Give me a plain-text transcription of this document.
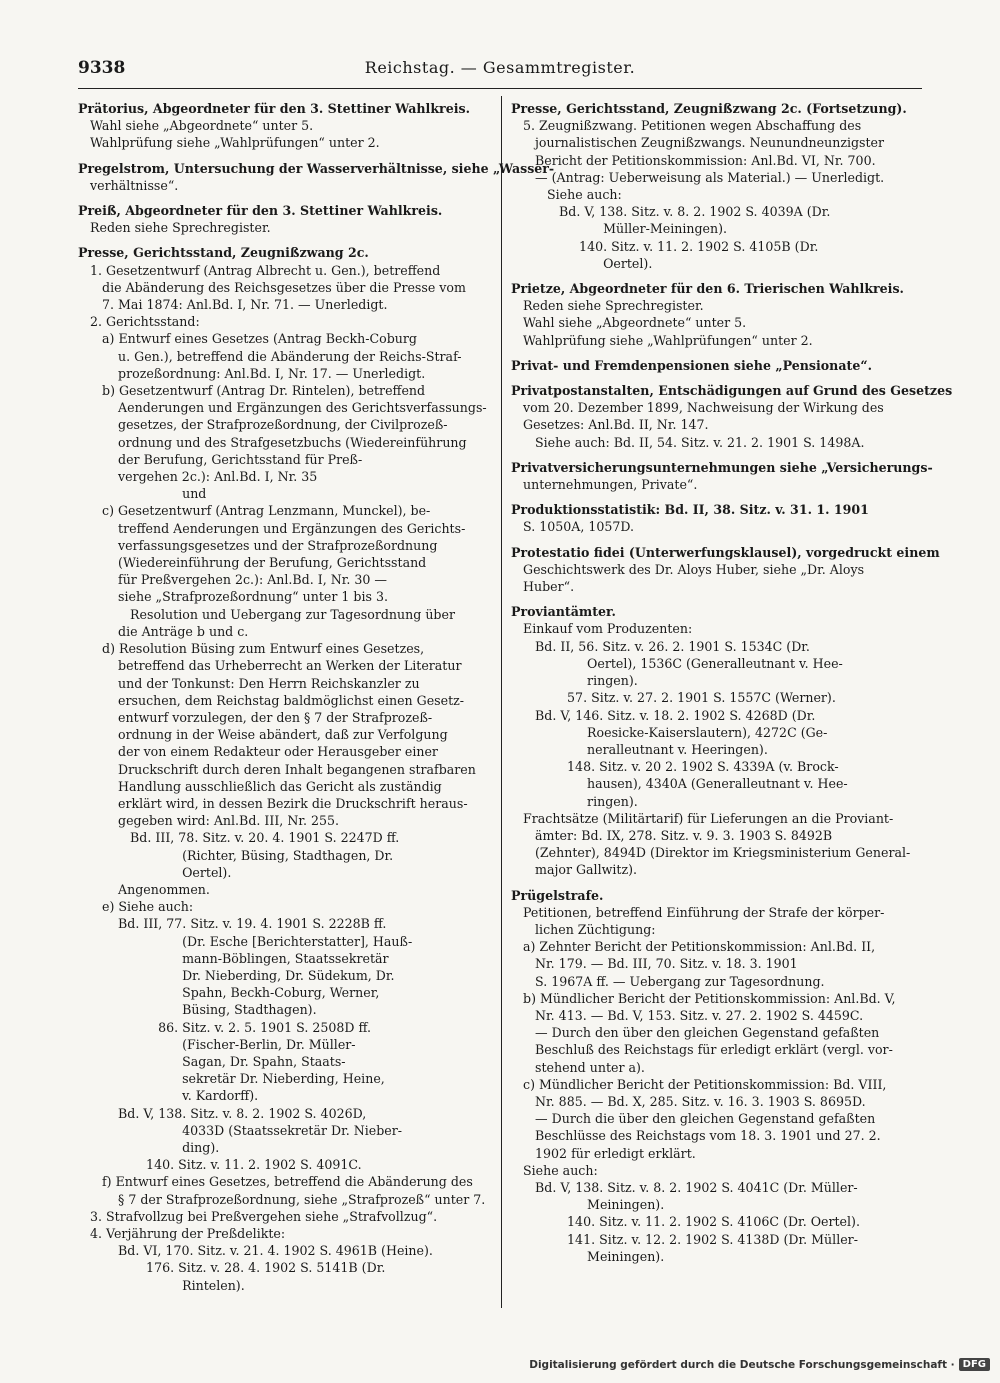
9338	Reichstag. — Gesammtregister.
Prätorius, Abgeordneter für den 3. Stettiner Wahlkreis.
Wahl siehe „Abgeordnete“ unter 5.
Wahlprüfung siehe „Wahlprüfungen“ unter 2.
Pregelstrom, Untersuchung der Wasserverhältnisse, siehe „Wasser-
verhältnisse“.
Preiß, Abgeordneter für den 3. Stettiner Wahlkreis.
Reden siehe Sprechregister.
Presse, Gerichtsstand, Zeugnißzwang 2c.
1. Gesetzentwurf (Antrag Albrecht u. Gen.), betreffend
die Abänderung des Reichsgesetzes über die Presse vom
7. Mai 1874: Anl.Bd. I, Nr. 71. — Unerledigt.
2. Gerichtsstand:
a) Entwurf eines Gesetzes (Antrag Beckh-Coburg
u. Gen.), betreffend die Abänderung der Reichs-Straf-
prozeßordnung: Anl.Bd. I, Nr. 17. — Unerledigt.
b) Gesetzentwurf (Antrag Dr. Rintelen), betreffend
Aenderungen und Ergänzungen des Gerichtsverfassungs-
gesetzes, der Strafprozeßordnung, der Civilprozeß-
ordnung und des Strafgesetzbuchs (Wiedereinführung
der Berufung, Gerichtsstand für Preß-
vergehen 2c.): Anl.Bd. I, Nr. 35
und
c) Gesetzentwurf (Antrag Lenzmann, Munckel), be-
treffend Aenderungen und Ergänzungen des Gerichts-
verfassungsgesetzes und der Strafprozeßordnung
(Wiedereinführung der Berufung, Gerichtsstand
für Preßvergehen 2c.): Anl.Bd. I, Nr. 30 —
siehe „Strafprozeßordnung“ unter 1 bis 3.
Resolution und Uebergang zur Tagesordnung über
die Anträge b und c.
d) Resolution Büsing zum Entwurf eines Gesetzes,
betreffend das Urheberrecht an Werken der Literatur
und der Tonkunst: Den Herrn Reichskanzler zu
ersuchen, dem Reichstag baldmöglichst einen Gesetz-
entwurf vorzulegen, der den § 7 der Strafprozeß-
ordnung in der Weise abändert, daß zur Verfolgung
der von einem Redakteur oder Herausgeber einer
Druckschrift durch deren Inhalt begangenen strafbaren
Handlung ausschließlich das Gericht als zuständig
erklärt wird, in dessen Bezirk die Druckschrift heraus-
gegeben wird: Anl.Bd. III, Nr. 255.
Bd. III, 78. Sitz. v. 20. 4. 1901 S. 2247D ff.
(Richter, Büsing, Stadthagen, Dr.
Oertel).
Angenommen.
e) Siehe auch:
Bd. III, 77. Sitz. v. 19. 4. 1901 S. 2228B ff.
(Dr. Esche [Berichterstatter], Hauß-
mann-Böblingen, Staatssekretär
Dr. Nieberding, Dr. Südekum, Dr.
Spahn, Beckh-Coburg, Werner,
Büsing, Stadthagen).
86. Sitz. v. 2. 5. 1901 S. 2508D ff.
(Fischer-Berlin, Dr. Müller-
Sagan, Dr. Spahn, Staats-
sekretär Dr. Nieberding, Heine,
v. Kardorff).
Bd. V, 138. Sitz. v. 8. 2. 1902 S. 4026D,
4033D (Staatssekretär Dr. Nieber-
ding).
140. Sitz. v. 11. 2. 1902 S. 4091C.
f) Entwurf eines Gesetzes, betreffend die Abänderung des
§ 7 der Strafprozeßordnung, siehe „Strafprozeß“ unter 7.
3. Strafvollzug bei Preßvergehen siehe „Strafvollzug“.
4. Verjährung der Preßdelikte:
Bd. VI, 170. Sitz. v. 21. 4. 1902 S. 4961B (Heine).
176. Sitz. v. 28. 4. 1902 S. 5141B (Dr.
Rintelen).
Presse, Gerichtsstand, Zeugnißzwang 2c. (Fortsetzung).
5. Zeugnißzwang. Petitionen wegen Abschaffung des
journalistischen Zeugnißzwangs. Neunundneunzigster
Bericht der Petitionskommission: Anl.Bd. VI, Nr. 700.
— (Antrag: Ueberweisung als Material.) — Unerledigt.
Siehe auch:
Bd. V, 138. Sitz. v. 8. 2. 1902 S. 4039A (Dr.
Müller-Meiningen).
140. Sitz. v. 11. 2. 1902 S. 4105B (Dr.
Oertel).
Prietze, Abgeordneter für den 6. Trierischen Wahlkreis.
Reden siehe Sprechregister.
Wahl siehe „Abgeordnete“ unter 5.
Wahlprüfung siehe „Wahlprüfungen“ unter 2.
Privat- und Fremdenpensionen siehe „Pensionate“.
Privatpostanstalten, Entschädigungen auf Grund des Gesetzes
vom 20. Dezember 1899, Nachweisung der Wirkung des
Gesetzes: Anl.Bd. II, Nr. 147.
Siehe auch: Bd. II, 54. Sitz. v. 21. 2. 1901 S. 1498A.
Privatversicherungsunternehmungen siehe „Versicherungs-
unternehmungen, Private“.
Produktionsstatistik: Bd. II, 38. Sitz. v. 31. 1. 1901
S. 1050A, 1057D.
Protestatio fidei (Unterwerfungsklausel), vorgedruckt einem
Geschichtswerk des Dr. Aloys Huber, siehe „Dr. Aloys
Huber“.
Proviantämter.
Einkauf vom Produzenten:
Bd. II, 56. Sitz. v. 26. 2. 1901 S. 1534C (Dr.
Oertel), 1536C (Generalleutnant v. Hee-
ringen).
57. Sitz. v. 27. 2. 1901 S. 1557C (Werner).
Bd. V, 146. Sitz. v. 18. 2. 1902 S. 4268D (Dr.
Roesicke-Kaiserslautern), 4272C (Ge-
neralleutnant v. Heeringen).
148. Sitz. v. 20 2. 1902 S. 4339A (v. Brock-
hausen), 4340A (Generalleutnant v. Hee-
ringen).
Frachtsätze (Militärtarif) für Lieferungen an die Proviant-
ämter: Bd. IX, 278. Sitz. v. 9. 3. 1903 S. 8492B
(Zehnter), 8494D (Direktor im Kriegsministerium General-
major Gallwitz).
Prügelstrafe.
Petitionen, betreffend Einführung der Strafe der körper-
lichen Züchtigung:
a) Zehnter Bericht der Petitionskommission: Anl.Bd. II,
Nr. 179. — Bd. III, 70. Sitz. v. 18. 3. 1901
S. 1967A ff. — Uebergang zur Tagesordnung.
b) Mündlicher Bericht der Petitionskommission: Anl.Bd. V,
Nr. 413. — Bd. V, 153. Sitz. v. 27. 2. 1902 S. 4459C.
— Durch den über den gleichen Gegenstand gefaßten
Beschluß des Reichstags für erledigt erklärt (vergl. vor-
stehend unter a).
c) Mündlicher Bericht der Petitionskommission: Bd. VIII,
Nr. 885. — Bd. X, 285. Sitz. v. 16. 3. 1903 S. 8695D.
— Durch die über den gleichen Gegenstand gefaßten
Beschlüsse des Reichstags vom 18. 3. 1901 und 27. 2.
1902 für erledigt erklärt.
Siehe auch:
Bd. V, 138. Sitz. v. 8. 2. 1902 S. 4041C (Dr. Müller-
Meiningen).
140. Sitz. v. 11. 2. 1902 S. 4106C (Dr. Oertel).
141. Sitz. v. 12. 2. 1902 S. 4138D (Dr. Müller-
Meiningen).
Digitalisierung gefördert durch die Deutsche Forschungsgemeinschaft · DFG
